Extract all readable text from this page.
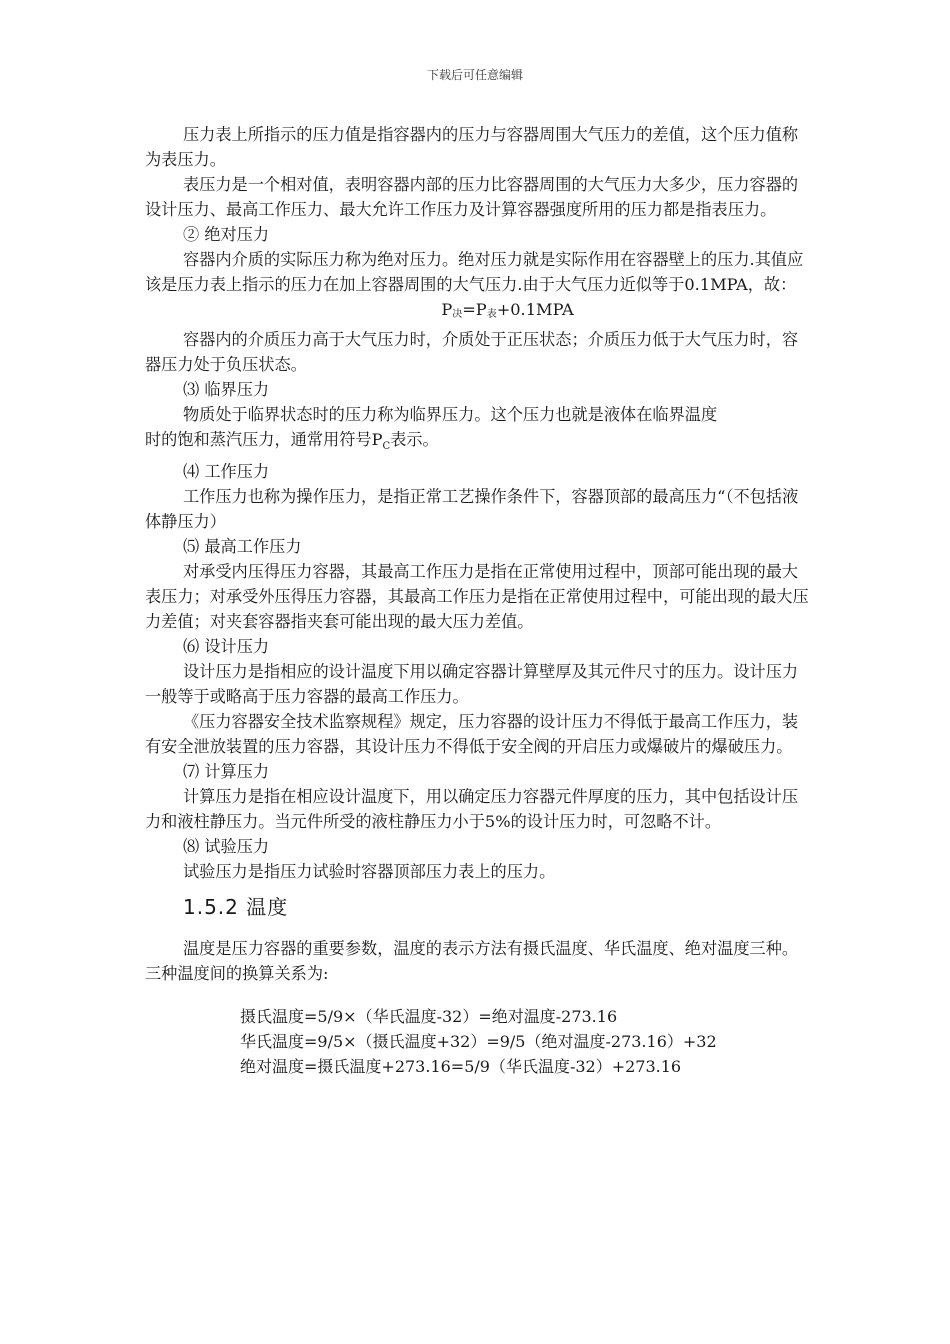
下载后可任意编辑

压力表上所指示的压力值是指容器内的压力与容器周围大气压力的差值，这个压力值称为表压力。

表压力是一个相对值，表明容器内部的压力比容器周围的大气压力大多少，压力容器的设计压力、最高工作压力、最大允许工作压力及计算容器强度所用的压力都是指表压力。

② 绝对压力

容器内介质的实际压力称为绝对压力。绝对压力就是实际作用在容器壁上的压力.其值应该是压力表上指示的压力在加上容器周围的大气压力.由于大气压力近似等于0.1MPA，故：

$P_决=P_表+0.1MPA$

容器内的介质压力高于大气压力时，介质处于正压状态；介质压力低于大气压力时，容器压力处于负压状态。

⑶ 临界压力

物质处于临界状态时的压力称为临界压力。这个压力也就是液体在临界温度

时的饱和蒸汽压力，通常用符号$P_C$表示。

⑷ 工作压力

工作压力也称为操作压力，是指正常工艺操作条件下，容器顶部的最高压力“（不包括液体静压力）

⑸ 最高工作压力

对承受内压得压力容器，其最高工作压力是指在正常使用过程中，顶部可能出现的最大表压力；对承受外压得压力容器，其最高工作压力是指在正常使用过程中，可能出现的最大压力差值；对夹套容器指夹套可能出现的最大压力差值。

⑹ 设计压力

设计压力是指相应的设计温度下用以确定容器计算壁厚及其元件尺寸的压力。设计压力一般等于或略高于压力容器的最高工作压力。

《压力容器安全技术监察规程》规定，压力容器的设计压力不得低于最高工作压力，装有安全泄放装置的压力容器，其设计压力不得低于安全阀的开启压力或爆破片的爆破压力。

⑺ 计算压力

计算压力是指在相应设计温度下，用以确定压力容器元件厚度的压力，其中包括设计压力和液柱静压力。当元件所受的液柱静压力小于5%的设计压力时，可忽略不计。

⑻ 试验压力

试验压力是指压力试验时容器顶部压力表上的压力。

1.5.2 温度

温度是压力容器的重要参数，温度的表示方法有摄氏温度、华氏温度、绝对温度三种。 三种温度间的换算关系为:

摄氏温度=5/9×（华氏温度-32）=绝对温度-273.16
华氏温度=9/5×（摄氏温度+32）=9/5（绝对温度-273.16）+32
绝对温度=摄氏温度+273.16=5/9（华氏温度-32）+273.16
